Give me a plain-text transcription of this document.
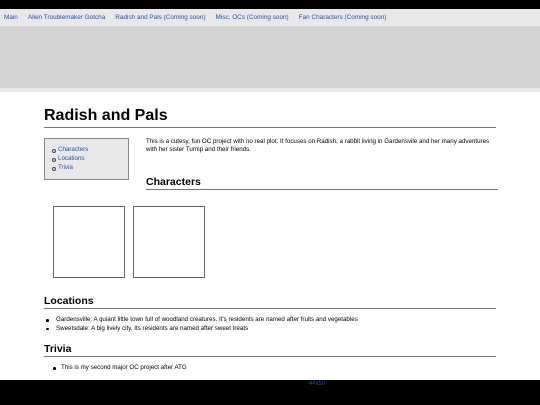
Main Alien Troublemaker Gotcha Radish and Pals (Coming soon) Misc. OCs (Coming soon) Fan Characters (Coming soon)
Radish and Pals
Characters
Locations
Trivia

This is a cutesy, fun OC project with no real plot. It focuses on Radish, a rabbit living in Gardensvile and her many adventures with her sister Turnip and their friends.

Characters
Locations
Gardensville: A quiant little town full of woodland creatures. It's residents are named after fruits and vegetables
Sweetsdale: A big lively city. Its residents are named after sweet treats
Trivia
This is my second major OC project after ATG
44x50
